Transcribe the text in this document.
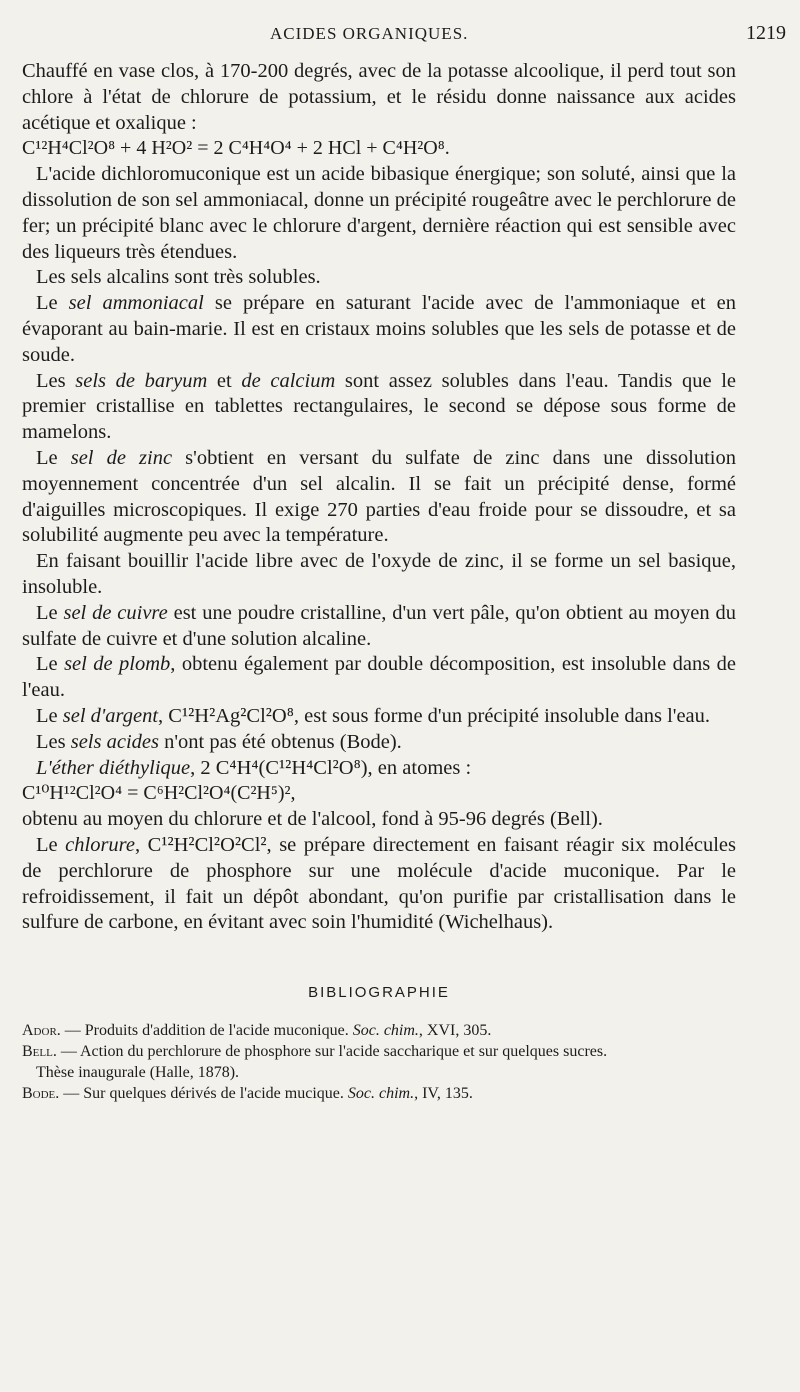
ACIDES ORGANIQUES.	1219

Chauffé en vase clos, à 170-200 degrés, avec de la potasse alcoolique, il perd tout son chlore à l'état de chlorure de potassium, et le résidu donne naissance aux acides acétique et oxalique :

C¹²H⁴Cl²O⁸ + 4 H²O² = 2 C⁴H⁴O⁴ + 2 HCl + C⁴H²O⁸.

L'acide dichloromuconique est un acide bibasique énergique; son soluté, ainsi que la dissolution de son sel ammoniacal, donne un précipité rougeâtre avec le perchlorure de fer; un précipité blanc avec le chlorure d'argent, dernière réaction qui est sensible avec des liqueurs très étendues.

Les sels alcalins sont très solubles.

Le sel ammoniacal se prépare en saturant l'acide avec de l'ammoniaque et en évaporant au bain-marie. Il est en cristaux moins solubles que les sels de potasse et de soude.

Les sels de baryum et de calcium sont assez solubles dans l'eau. Tandis que le premier cristallise en tablettes rectangulaires, le second se dépose sous forme de mamelons.

Le sel de zinc s'obtient en versant du sulfate de zinc dans une dissolution moyennement concentrée d'un sel alcalin. Il se fait un précipité dense, formé d'aiguilles microscopiques. Il exige 270 parties d'eau froide pour se dissoudre, et sa solubilité augmente peu avec la température.

En faisant bouillir l'acide libre avec de l'oxyde de zinc, il se forme un sel basique, insoluble.

Le sel de cuivre est une poudre cristalline, d'un vert pâle, qu'on obtient au moyen du sulfate de cuivre et d'une solution alcaline.

Le sel de plomb, obtenu également par double décomposition, est insoluble dans de l'eau.

Le sel d'argent, C¹²H²Ag²Cl²O⁸, est sous forme d'un précipité insoluble dans l'eau.

Les sels acides n'ont pas été obtenus (Bode).

L'éther diéthylique, 2 C⁴H⁴(C¹²H⁴Cl²O⁸), en atomes :

C¹⁰H¹²Cl²O⁴ = C⁶H²Cl²O⁴(C²H⁵)²,

obtenu au moyen du chlorure et de l'alcool, fond à 95-96 degrés (Bell).

Le chlorure, C¹²H²Cl²O²Cl², se prépare directement en faisant réagir six molécules de perchlorure de phosphore sur une molécule d'acide muconique. Par le refroidissement, il fait un dépôt abondant, qu'on purifie par cristallisation dans le sulfure de carbone, en évitant avec soin l'humidité (Wichelhaus).

BIBLIOGRAPHIE

Ador. — Produits d'addition de l'acide muconique. Soc. chim., XVI, 305.

Bell. — Action du perchlorure de phosphore sur l'acide saccharique et sur quelques sucres.

Thèse inaugurale (Halle, 1878).

Bode. — Sur quelques dérivés de l'acide mucique. Soc. chim., IV, 135.
